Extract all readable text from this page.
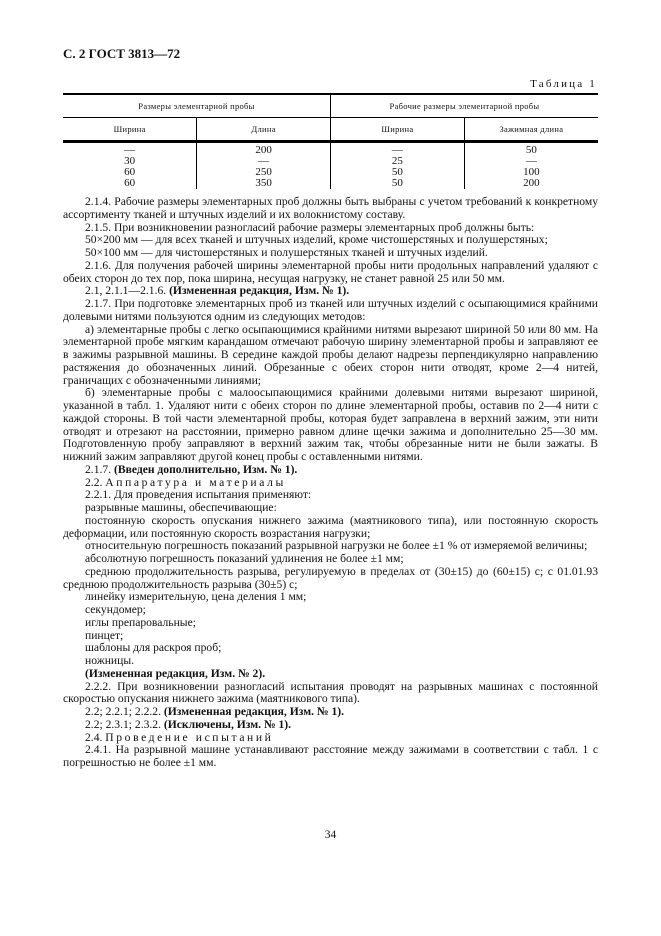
С. 2 ГОСТ 3813—72
Таблица 1
Размеры элементарной пробы		Рабочие размеры элементарной пробы	
Ширина	Длина	Ширина	Зажимная длина
—	200	—	50
30	—	25	—
60	250	50	100
60	350	50	200

2.1.4. Рабочие размеры элементарных проб должны быть выбраны с учетом требований к конкретному ассортименту тканей и штучных изделий и их волокнистому составу.

2.1.5. При возникновении разногласий рабочие размеры элементарных проб должны быть:

50×200 мм — для всех тканей и штучных изделий, кроме чистошерстяных и полушерстяных;

50×100 мм — для чистошерстяных и полушерстяных тканей и штучных изделий.

2.1.6. Для получения рабочей ширины элементарной пробы нити продольных направлений удаляют с обеих сторон до тех пор, пока ширина, несущая нагрузку, не станет равной 25 или 50 мм.

2.1, 2.1.1—2.1.6. (Измененная редакция, Изм. № 1).

2.1.7. При подготовке элементарных проб из тканей или штучных изделий с осыпающимися крайними долевыми нитями пользуются одним из следующих методов:

а) элементарные пробы с легко осыпающимися крайними нитями вырезают шириной 50 или 80 мм. На элементарной пробе мягким карандашом отмечают рабочую ширину элементарной пробы и заправляют ее в зажимы разрывной машины. В середине каждой пробы делают надрезы перпендикулярно направлению растяжения до обозначенных линий. Обрезанные с обеих сторон нити отводят, кроме 2—4 нитей, граничащих с обозначенными линиями;

б) элементарные пробы с малоосыпающимися крайними долевыми нитями вырезают шириной, указанной в табл. 1. Удаляют нити с обеих сторон по длине элементарной пробы, оставив по 2—4 нити с каждой стороны. В той части элементарной пробы, которая будет заправлена в верхний зажим, эти нити отводят и отрезают на расстоянии, примерно равном длине щечки зажима и дополнительно 25—30 мм. Подготовленную пробу заправляют в верхний зажим так, чтобы обрезанные нити не были зажаты. В нижний зажим заправляют другой конец пробы с оставленными нитями.

2.1.7. (Введен дополнительно, Изм. № 1).

2.2. Аппаратура и материалы

2.2.1. Для проведения испытания применяют:

разрывные машины, обеспечивающие:

постоянную скорость опускания нижнего зажима (маятникового типа), или постоянную скорость деформации, или постоянную скорость возрастания нагрузки;

относительную погрешность показаний разрывной нагрузки не более ±1 % от измеряемой величины;

абсолютную погрешность показаний удлинения не более ±1 мм;

среднюю продолжительность разрыва, регулируемую в пределах от (30±15) до (60±15) с; с 01.01.93 среднюю продолжительность разрыва (30±5) с;

линейку измерительную, цена деления 1 мм;

секундомер;

иглы препаровальные;

пинцет;

шаблоны для раскроя проб;

ножницы.

(Измененная редакция, Изм. № 2).

2.2.2. При возникновении разногласий испытания проводят на разрывных машинах с постоянной скоростью опускания нижнего зажима (маятникового типа).

2.2; 2.2.1; 2.2.2. (Измененная редакция, Изм. № 1).

2.2; 2.3.1; 2.3.2. (Исключены, Изм. № 1).

2.4. Проведение испытаний

2.4.1. На разрывной машине устанавливают расстояние между зажимами в соответствии с табл. 1 с погрешностью не более ±1 мм.

34
